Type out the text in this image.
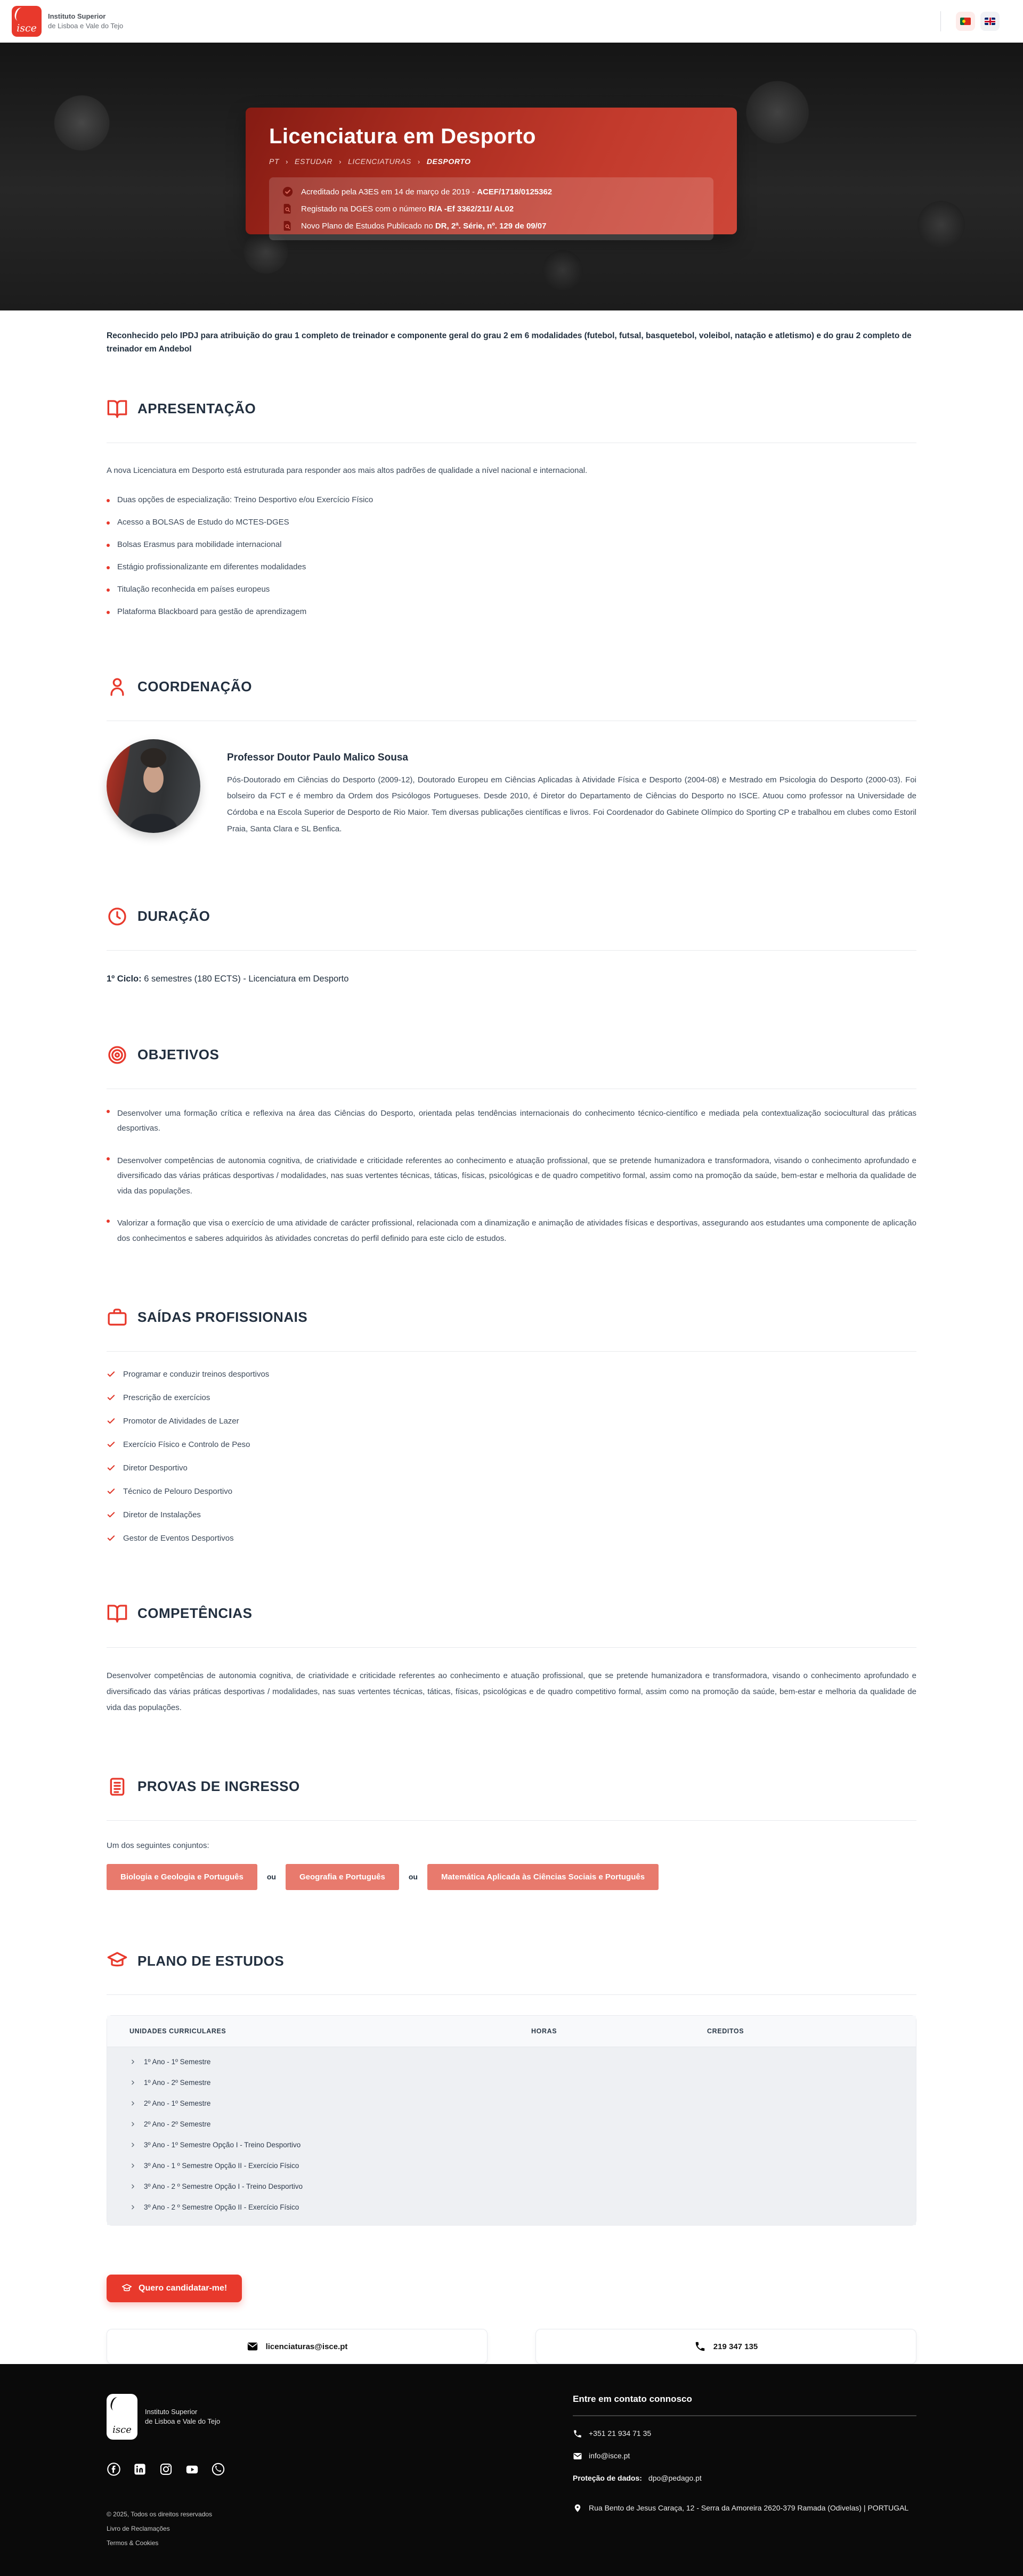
isce
Instituto Superior
de Lisboa e Vale do Tejo
Licenciatura em Desporto
PT › ESTUDAR › LICENCIATURAS › DESPORTO
Acreditado pela A3ES em 14 de março de 2019 - ACEF/1718/0125362
Registado na DGES com o número R/A -Ef 3362/211/ AL02
Novo Plano de Estudos Publicado no DR, 2ª. Série, nº. 129 de 09/07

Reconhecido pelo IPDJ para atribuição do grau 1 completo de treinador e componente geral do grau 2 em 6 modalidades (futebol, futsal, basquetebol, voleibol, natação e atletismo) e do grau 2 completo de treinador em Andebol

APRESENTAÇÃO

A nova Licenciatura em Desporto está estruturada para responder aos mais altos padrões de qualidade a nível nacional e internacional.

Duas opções de especialização: Treino Desportivo e/ou Exercício Físico
Acesso a BOLSAS de Estudo do MCTES-DGES
Bolsas Erasmus para mobilidade internacional
Estágio profissionalizante em diferentes modalidades
Titulação reconhecida em países europeus
Plataforma Blackboard para gestão de aprendizagem
COORDENAÇÃO
Professor Doutor Paulo Malico Sousa

Pós-Doutorado em Ciências do Desporto (2009-12), Doutorado Europeu em Ciências Aplicadas à Atividade Física e Desporto (2004-08) e Mestrado em Psicologia do Desporto (2000-03). Foi bolseiro da FCT e é membro da Ordem dos Psicólogos Portugueses. Desde 2010, é Diretor do Departamento de Ciências do Desporto no ISCE. Atuou como professor na Universidade de Córdoba e na Escola Superior de Desporto de Rio Maior. Tem diversas publicações científicas e livros. Foi Coordenador do Gabinete Olímpico do Sporting CP e trabalhou em clubes como Estoril Praia, Santa Clara e SL Benfica.

DURAÇÃO

1º Ciclo: 6 semestres (180 ECTS) - Licenciatura em Desporto

OBJETIVOS
Desenvolver uma formação crítica e reflexiva na área das Ciências do Desporto, orientada pelas tendências internacionais do conhecimento técnico-científico e mediada pela contextualização sociocultural das práticas desportivas.
Desenvolver competências de autonomia cognitiva, de criatividade e criticidade referentes ao conhecimento e atuação profissional, que se pretende humanizadora e transformadora, visando o conhecimento aprofundado e diversificado das várias práticas desportivas / modalidades, nas suas vertentes técnicas, táticas, físicas, psicológicas e de quadro competitivo formal, assim como na promoção da saúde, bem-estar e melhoria da qualidade de vida das populações.
Valorizar a formação que visa o exercício de uma atividade de carácter profissional, relacionada com a dinamização e animação de atividades físicas e desportivas, assegurando aos estudantes uma componente de aplicação dos conhecimentos e saberes adquiridos às atividades concretas do perfil definido para este ciclo de estudos.
SAÍDAS PROFISSIONAIS
Programar e conduzir treinos desportivos
Prescrição de exercícios
Promotor de Atividades de Lazer
Exercício Físico e Controlo de Peso
Diretor Desportivo
Técnico de Pelouro Desportivo
Diretor de Instalações
Gestor de Eventos Desportivos
COMPETÊNCIAS

Desenvolver competências de autonomia cognitiva, de criatividade e criticidade referentes ao conhecimento e atuação profissional, que se pretende humanizadora e transformadora, visando o conhecimento aprofundado e diversificado das várias práticas desportivas / modalidades, nas suas vertentes técnicas, táticas, físicas, psicológicas e de quadro competitivo formal, assim como na promoção da saúde, bem-estar e melhoria da qualidade de vida das populações.

PROVAS DE INGRESSO

Um dos seguintes conjuntos:

Biologia e Geologia e Português	ou	Geografia e Português	ou	Matemática Aplicada às Ciências Sociais e Português
PLANO DE ESTUDOS
UNIDADES CURRICULARES	HORAS	CREDITOS
1º Ano - 1º Semestre
1º Ano - 2º Semestre
2º Ano - 1º Semestre
2º Ano - 2º Semestre
3º Ano - 1º Semestre Opção I - Treino Desportivo
3º Ano - 1 º Semestre Opção II - Exercício Físico
3º Ano - 2 º Semestre Opção I - Treino Desportivo
3º Ano - 2 º Semestre Opção II - Exercício Físico
Quero candidatar-me!
licenciaturas@isce.pt	219 347 135
isce
Instituto Superior
de Lisboa e Vale do Tejo
© 2025, Todos os direitos reservados
Livro de Reclamações
Termos & Cookies
Entre em contato connosco
+351 21 934 71 35
info@isce.pt
Proteção de dados: dpo@pedago.pt
Rua Bento de Jesus Caraça, 12 - Serra da Amoreira 2620-379 Ramada (Odivelas) | PORTUGAL
